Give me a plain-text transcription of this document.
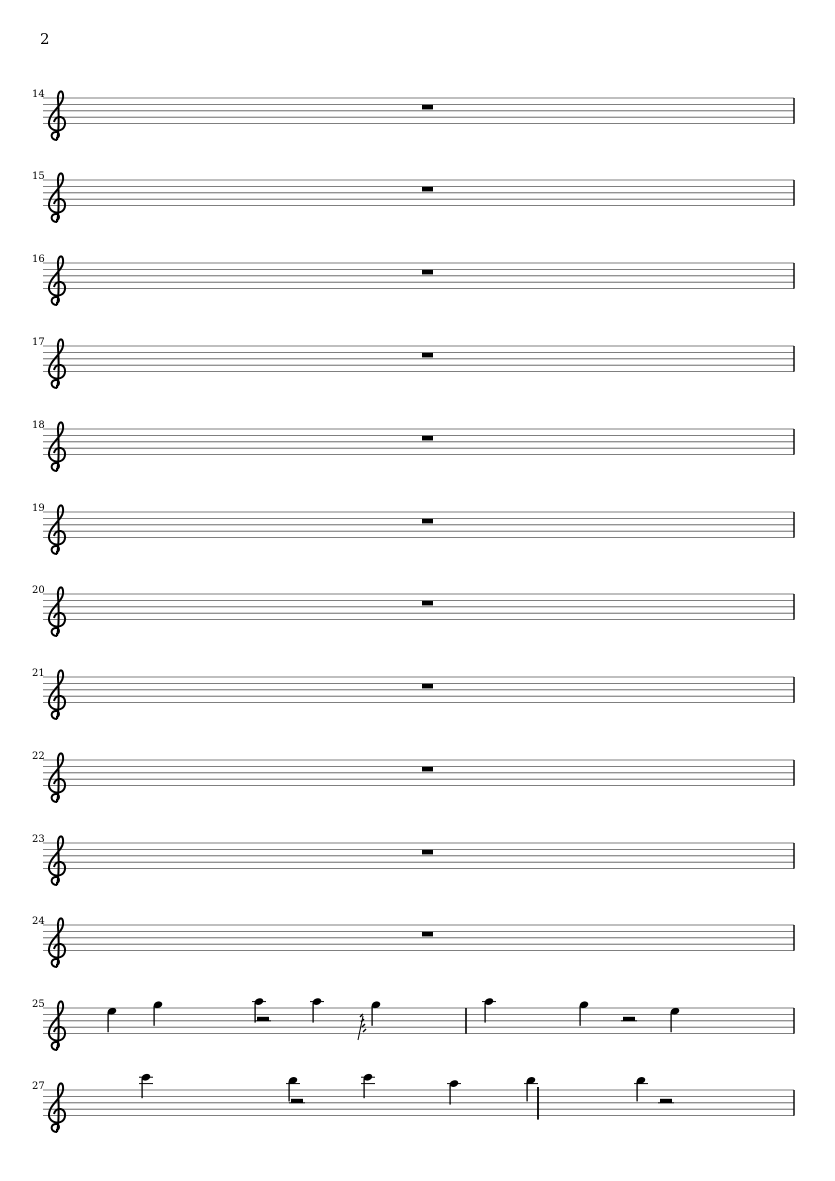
2
14
15
16
17
18
19
20
21
22
23
24
25
27
